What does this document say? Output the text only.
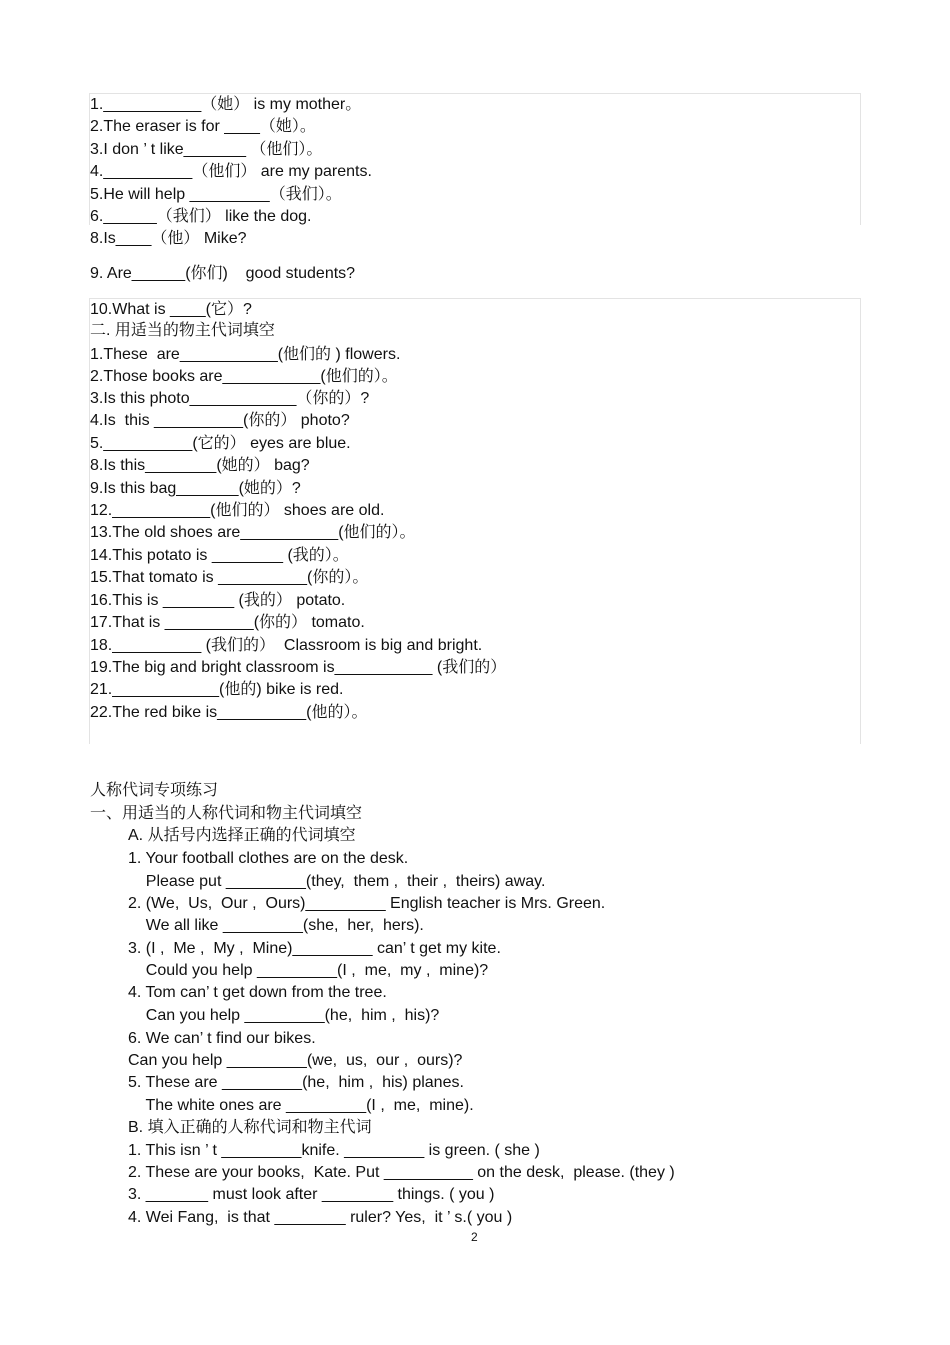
1.___________（她） is my mother。
2.The eraser is for ____（她）。
3.I don ’ t like_______ （他们）。
4.__________（他们） are my parents.
5.He will help _________（我们）。
6.______（我们） like the dog.
8.Is____（他） Mike?
9. Are______(你们)    good students?
10.What is ____(它）?
二. 用适当的物主代词填空
1.These  are___________(他们的 ) flowers.
2.Those books are___________(他们的）。
3.Is this photo____________（你的）?
4.Is  this __________(你的） photo?
5.__________(它的） eyes are blue.
8.Is this________(她的） bag?
9.Is this bag_______(她的）?
12.___________(他们的） shoes are old.
13.The old shoes are___________(他们的）。
14.This potato is ________ (我的）。
15.That tomato is __________(你的）。
16.This is ________ (我的） potato.
17.That is __________(你的） tomato.
18.__________ (我们的）  Classroom is big and bright.
19.The big and bright classroom is___________ (我们的）
21.____________(他的) bike is red.
22.The red bike is__________(他的）。
人称代词专项练习
一、用适当的人称代词和物主代词填空
A. 从括号内选择正确的代词填空
1. Your football clothes are on the desk.
Please put _________(they,  them ,  their ,  theirs) away.
2. (We,  Us,  Our ,  Ours)_________ English teacher is Mrs. Green.
We all like _________(she,  her,  hers).
3. (I ,  Me ,  My ,  Mine)_________ can’ t get my kite.
Could you help _________(I ,  me,  my ,  mine)?
4. Tom can’ t get down from the tree.
Can you help _________(he,  him ,  his)?
6. We can’ t find our bikes.
Can you help _________(we,  us,  our ,  ours)?
5. These are _________(he,  him ,  his) planes.
The white ones are _________(I ,  me,  mine).
B. 填入正确的人称代词和物主代词
1. This isn ’ t _________knife. _________ is green. ( she )
2. These are your books,  Kate. Put __________ on the desk,  please. (they )
3. _______ must look after ________ things. ( you )
4. Wei Fang,  is that ________ ruler? Yes,  it ’ s.( you )
2
